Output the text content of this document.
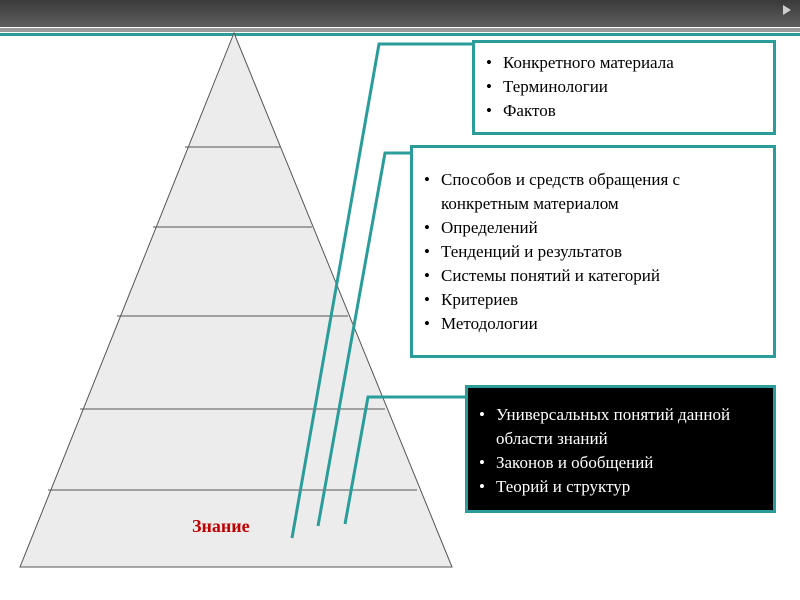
Знание
• Конкретного материала
• Терминологии
• Фактов
• Способов и средств обращения с конкретным материалом
• Определений
• Тенденций и результатов
• Системы понятий и категорий
• Критериев
• Методологии
• Универсальных понятий данной области знаний
• Законов и обобщений
• Теорий и структур
